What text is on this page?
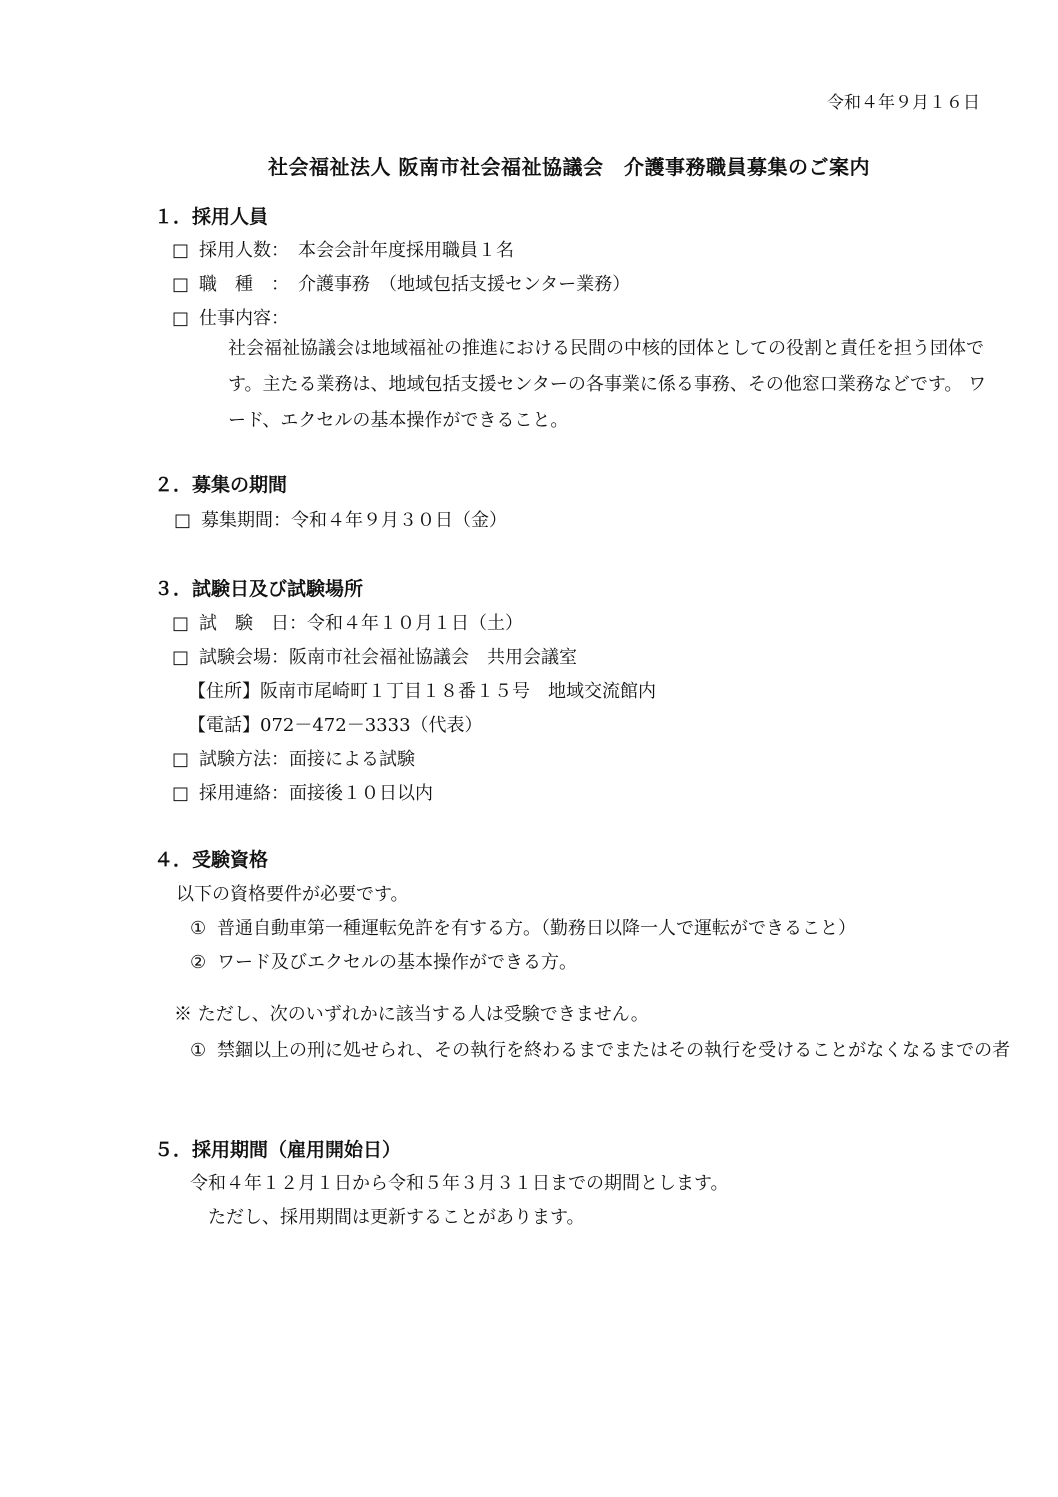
令和４年９月１６日
社会福祉法人 阪南市社会福祉協議会　介護事務職員募集のご案内
１．採用人員
□ 採用人数：　本会会計年度採用職員１名
□ 職　種　：　介護事務　（地域包括支援センター業務）
□ 仕事内容：
社会福祉協議会は地域福祉の推進における民間の中核的団体としての役割と責任を担う団体です。主たる業務は、地域包括支援センターの各事業に係る事務、その他窓口業務などです。 ワード、エクセルの基本操作ができること。
２．募集の期間
□ 募集期間：令和４年９月３０日（金）
３．試験日及び試験場所
□ 試　験　日：令和４年１０月１日（土）
□ 試験会場：阪南市社会福祉協議会　共用会議室
【住所】阪南市尾崎町１丁目１８番１５号　地域交流館内
【電話】072－472－3333（代表）
□ 試験方法：面接による試験
□ 採用連絡：面接後１０日以内
４．受験資格
以下の資格要件が必要です。
① 普通自動車第一種運転免許を有する方。（勤務日以降一人で運転ができること）
② ワード及びエクセルの基本操作ができる方。
※ ただし、次のいずれかに該当する人は受験できません。
① 禁錮以上の刑に処せられ、その執行を終わるまでまたはその執行を受けることがなくなるまでの者
５．採用期間（雇用開始日）
令和４年１２月１日から令和５年３月３１日までの期間とします。
ただし、採用期間は更新することがあります。
